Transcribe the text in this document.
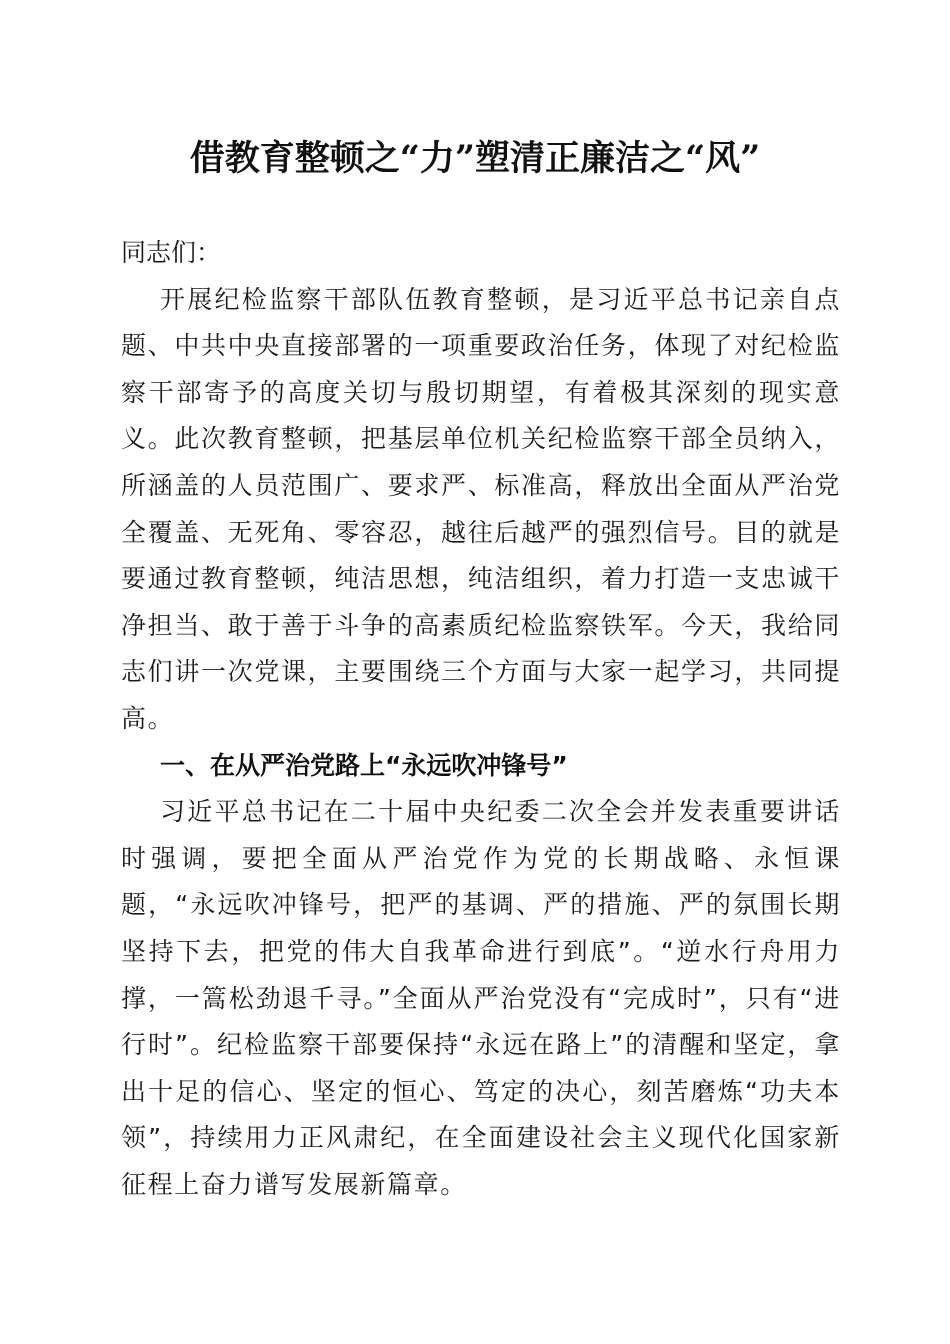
借教育整顿之“力”塑清正廉洁之“风”

同志们：

开展纪检监察干部队伍教育整顿，是习近平总书记亲自点题、中共中央直接部署的一项重要政治任务，体现了对纪检监察干部寄予的高度关切与殷切期望，有着极其深刻的现实意义。此次教育整顿，把基层单位机关纪检监察干部全员纳入，所涵盖的人员范围广、要求严、标准高，释放出全面从严治党全覆盖、无死角、零容忍，越往后越严的强烈信号。目的就是要通过教育整顿，纯洁思想，纯洁组织，着力打造一支忠诚干净担当、敢于善于斗争的高素质纪检监察铁军。今天，我给同志们讲一次党课，主要围绕三个方面与大家一起学习，共同提高。

一、在从严治党路上“永远吹冲锋号”

习近平总书记在二十届中央纪委二次全会并发表重要讲话时强调，要把全面从严治党作为党的长期战略、永恒课题，“永远吹冲锋号，把严的基调、严的措施、严的氛围长期坚持下去，把党的伟大自我革命进行到底”。“逆水行舟用力撑，一篙松劲退千寻。”全面从严治党没有“完成时”，只有“进行时”。纪检监察干部要保持“永远在路上”的清醒和坚定，拿出十足的信心、坚定的恒心、笃定的决心，刻苦磨炼“功夫本领”，持续用力正风肃纪，在全面建设社会主义现代化国家新征程上奋力谱写发展新篇章。
